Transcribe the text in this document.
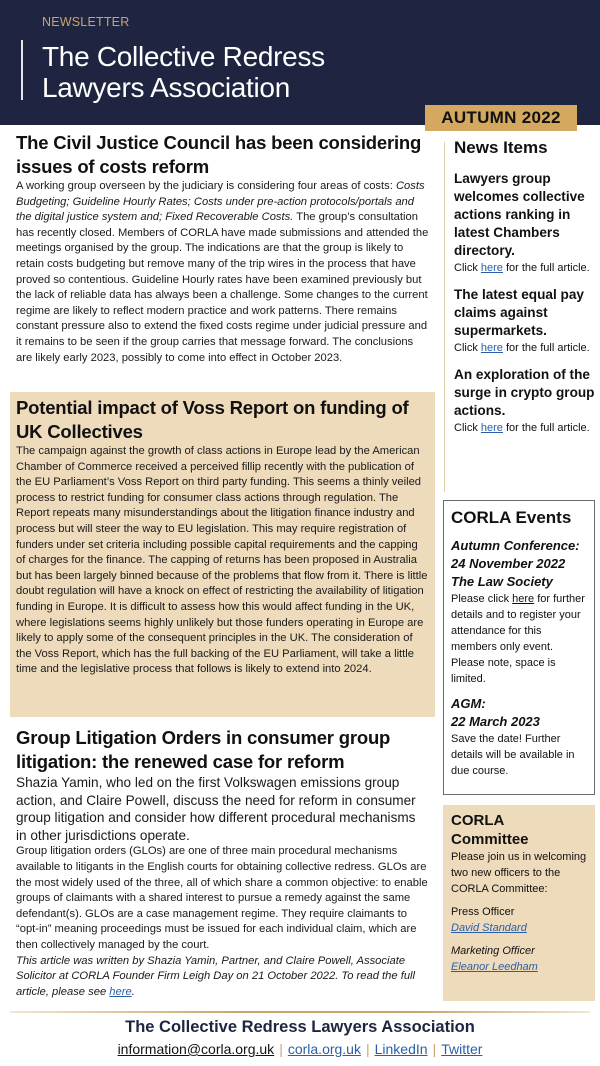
NEWSLETTER
The Collective Redress
Lawyers Association
AUTUMN 2022
The Civil Justice Council has been considering issues of costs reform

A working group overseen by the judiciary is considering four areas of costs: Costs Budgeting; Guideline Hourly Rates; Costs under pre-action protocols/portals and the digital justice system and; Fixed Recoverable Costs. The group’s consultation has recently closed. Members of CORLA have made submissions and attended the meetings organised by the group. The indications are that the group is likely to retain costs budgeting but remove many of the trip wires in the process that have proved so contentious. Guideline Hourly rates have been examined previously but the lack of reliable data has always been a challenge. Some changes to the current regime are likely to reflect modern practice and work patterns. There remains constant pressure also to extend the fixed costs regime under judicial pressure and it remains to be seen if the group carries that message forward. The conclusions are likely early 2023, possibly to come into effect in October 2023.

Potential impact of Voss Report on funding of UK Collectives

The campaign against the growth of class actions in Europe lead by the American Chamber of Commerce received a perceived fillip recently with the publication of the EU Parliament’s Voss Report on third party funding. This seems a thinly veiled process to restrict funding for consumer class actions through regulation. The Report repeats many misunderstandings about the litigation finance industry and process but will steer the way to EU legislation. This may require registration of funders under set criteria including possible capital requirements and the capping of charges for the finance. The capping of returns has been proposed in Australia but has been largely binned because of the problems that flow from it. There is little doubt regulation will have a knock on effect of restricting the availability of litigation funding in Europe. It is difficult to assess how this would affect funding in the UK, where legislations seems highly unlikely but those funders operating in Europe are likely to apply some of the consequent principles in the UK. The consideration of the Voss Report, which has the full backing of the EU Parliament, will take a little time and the legislative process that follows is likely to extend into 2024.

Group Litigation Orders in consumer group litigation: the renewed case for reform

Shazia Yamin, who led on the first Volkswagen emissions group action, and Claire Powell, discuss the need for reform in consumer group litigation and consider how different procedural mechanisms in other jurisdictions operate.

Group litigation orders (GLOs) are one of three main procedural mechanisms available to litigants in the English courts for obtaining collective redress. GLOs are the most widely used of the three, all of which share a common objective: to enable groups of claimants with a shared interest to pursue a remedy against the same defendant(s). GLOs are a case management regime. They require claimants to “opt-in” meaning proceedings must be issued for each individual claim, which are then collectively managed by the court.

This article was written by Shazia Yamin, Partner, and Claire Powell, Associate Solicitor at CORLA Founder Firm Leigh Day on 21 October 2022. To read the full article, please see here.

News Items
Lawyers group welcomes collective actions ranking in latest Chambers directory.

Click here for the full article.

The latest equal pay claims against supermarkets.

Click here for the full article.

An exploration of the surge in crypto group actions.

Click here for the full article.

CORLA Events
Autumn Conference:
24 November 2022
The Law Society

Please click here for further details and to register your attendance for this members only event. Please note, space is limited.

AGM:
22 March 2023

Save the date! Further details will be available in due course.

CORLA
Committee

Please join us in welcoming two new officers to the CORLA Committee:

Press Officer

David Standard

Marketing Officer

Eleanor Leedham

The Collective Redress Lawyers Association
information@corla.org.uk | corla.org.uk | LinkedIn | Twitter
